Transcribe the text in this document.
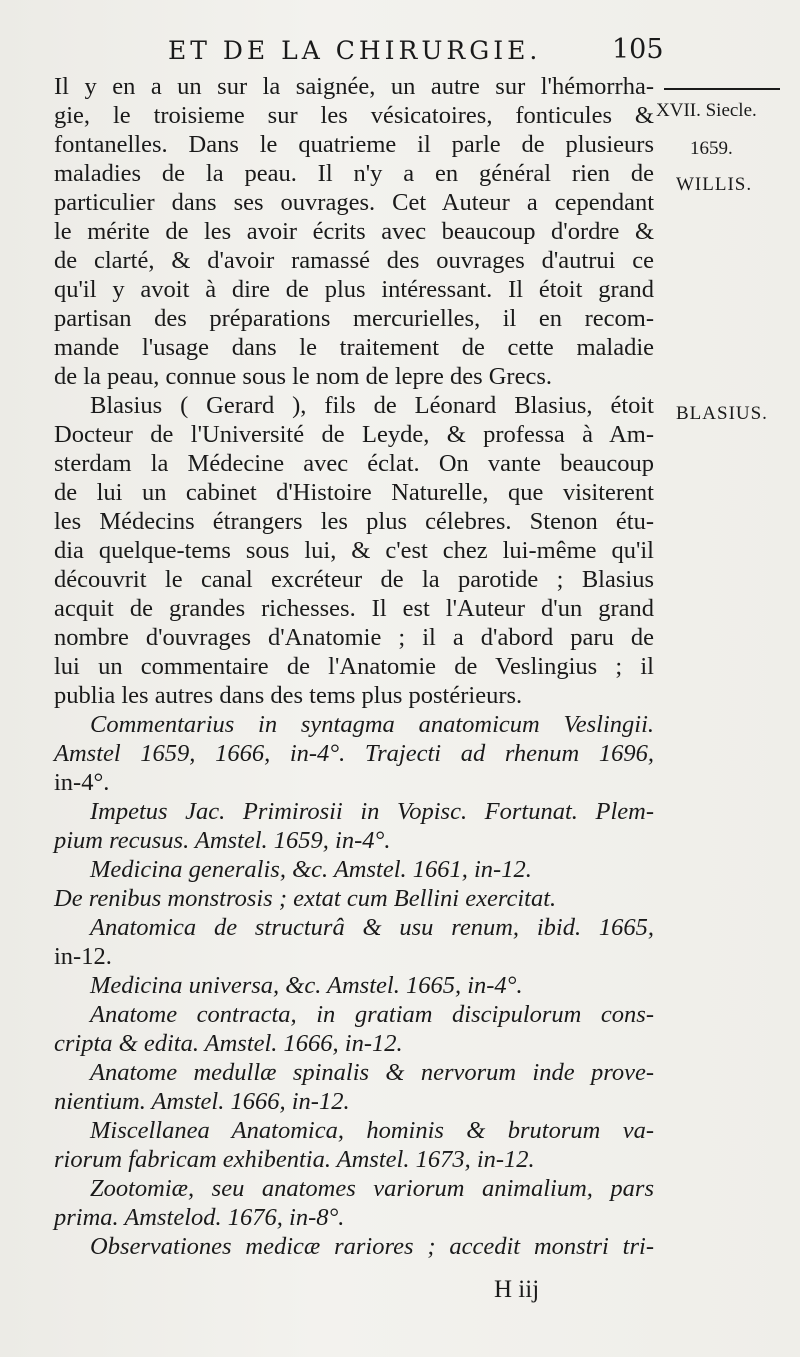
ET DE LA CHIRURGIE.	105
XVII. Siecle.
1659.
WILLIS.
BLASIUS.
Il y en a un sur la saignée, un autre sur l'hémorrha-
gie, le troisieme sur les vésicatoires, fonticules &
fontanelles. Dans le quatrieme il parle de plusieurs
maladies de la peau. Il n'y a en général rien de
particulier dans ses ouvrages. Cet Auteur a cependant
le mérite de les avoir écrits avec beaucoup d'ordre &
de clarté, & d'avoir ramassé des ouvrages d'autrui ce
qu'il y avoit à dire de plus intéressant. Il étoit grand
partisan des préparations mercurielles, il en recom-
mande l'usage dans le traitement de cette maladie
de la peau, connue sous le nom de lepre des Grecs.
Blasius ( Gerard ), fils de Léonard Blasius, étoit
Docteur de l'Université de Leyde, & professa à Am-
sterdam la Médecine avec éclat. On vante beaucoup
de lui un cabinet d'Histoire Naturelle, que visiterent
les Médecins étrangers les plus célebres. Stenon étu-
dia quelque-tems sous lui, & c'est chez lui-même qu'il
découvrit le canal excréteur de la parotide ; Blasius
acquit de grandes richesses. Il est l'Auteur d'un grand
nombre d'ouvrages d'Anatomie ; il a d'abord paru de
lui un commentaire de l'Anatomie de Veslingius ; il
publia les autres dans des tems plus postérieurs.
Commentarius in syntagma anatomicum Veslingii.
Amstel 1659, 1666, in-4°. Trajecti ad rhenum 1696,
in-4°.
Impetus Jac. Primirosii in Vopisc. Fortunat. Plem-
pium recusus. Amstel. 1659, in-4°.
Medicina generalis, &c. Amstel. 1661, in-12.
De renibus monstrosis ; extat cum Bellini exercitat.
Anatomica de structurâ & usu renum, ibid. 1665,
in-12.
Medicina universa, &c. Amstel. 1665, in-4°.
Anatome contracta, in gratiam discipulorum cons-
cripta & edita. Amstel. 1666, in-12.
Anatome medullæ spinalis & nervorum inde prove-
nientium. Amstel. 1666, in-12.
Miscellanea Anatomica, hominis & brutorum va-
riorum fabricam exhibentia. Amstel. 1673, in-12.
Zootomiæ, seu anatomes variorum animalium, pars
prima. Amstelod. 1676, in-8°.
Observationes medicæ rariores ; accedit monstri tri-
H iij
